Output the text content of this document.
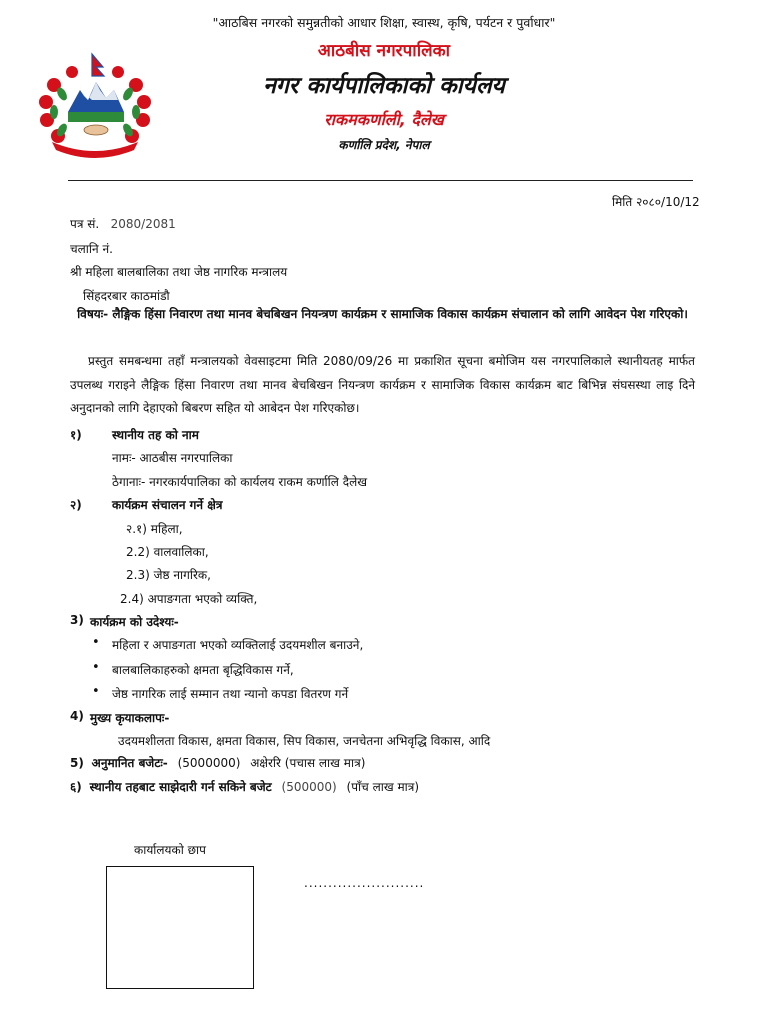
"आठबिस नगरको समुन्नतीको आधार शिक्षा, स्वास्थ, कृषि, पर्यटन र पुर्वाधार"
आठबीस नगरपालिका
नगर कार्यपालिकाको कार्यलय
राकमकर्णाली, दैलेख
कर्णालि प्रदेश, नेपाल
मिति २०८०/10/12
पत्र सं. 2080/2081
चलानि नं.
श्री महिला बालबालिका तथा जेष्ठ नागरिक मन्त्रालय
सिंहदरबार काठमांडौ
विषयः- लैङ्गिक हिंसा निवारण तथा मानव बेचबिखन नियन्त्रण कार्यक्रम र सामाजिक विकास कार्यक्रम संचालान को लागि आवेदन पेश गरिएको।
प्रस्तुत समबन्धमा तहाँ मन्त्रालयको वेवसाइटमा मिति 2080/09/26 मा प्रकाशित सूचना बमोजिम यस नगरपालिकाले स्थानीयतह मार्फत उपलब्ध गराइने लैङ्गिक हिंसा निवारण तथा मानव बेचबिखन नियन्त्रण कार्यक्रम र सामाजिक विकास कार्यक्रम बाट बिभिन्न संघसस्था लाइ दिने अनुदानको लागि देहाएको बिबरण सहित यो आबेदन पेश गरिएकोछ।
१)	स्थानीय तह को नाम
नामः- आठबीस नगरपालिका
ठेगानाः- नगरकार्यपालिका को कार्यलय राकम कर्णालि दैलेख
२)	कार्यक्रम संचालन गर्ने क्षेत्र
२.१) महिला,
2.2) वालवालिका,
2.3) जेष्ठ नागरिक,
2.4) अपाङगता भएको व्यक्ति,
3) कार्यक्रम को उदेश्यः-
• महिला र अपाङगता भएको व्यक्तिलाई उदयमशील बनाउने,
• बालबालिकाहरुको क्षमता बृद्धिविकास गर्ने,
• जेष्ठ नागरिक लाई सम्मान तथा न्यानो कपडा वितरण गर्ने
4) मुख्य कृयाकलापः-
उदयमशीलता विकास, क्षमता विकास, सिप विकास, जनचेतना अभिवृद्धि विकास, आदि
5) अनुमानित बजेटः- (5000000) अक्षेररि (पचास लाख मात्र)
६) स्थानीय तहबाट साझेदारी गर्न सकिने बजेट (500000) (पाँच लाख मात्र)
कार्यालयको छाप
.........................
